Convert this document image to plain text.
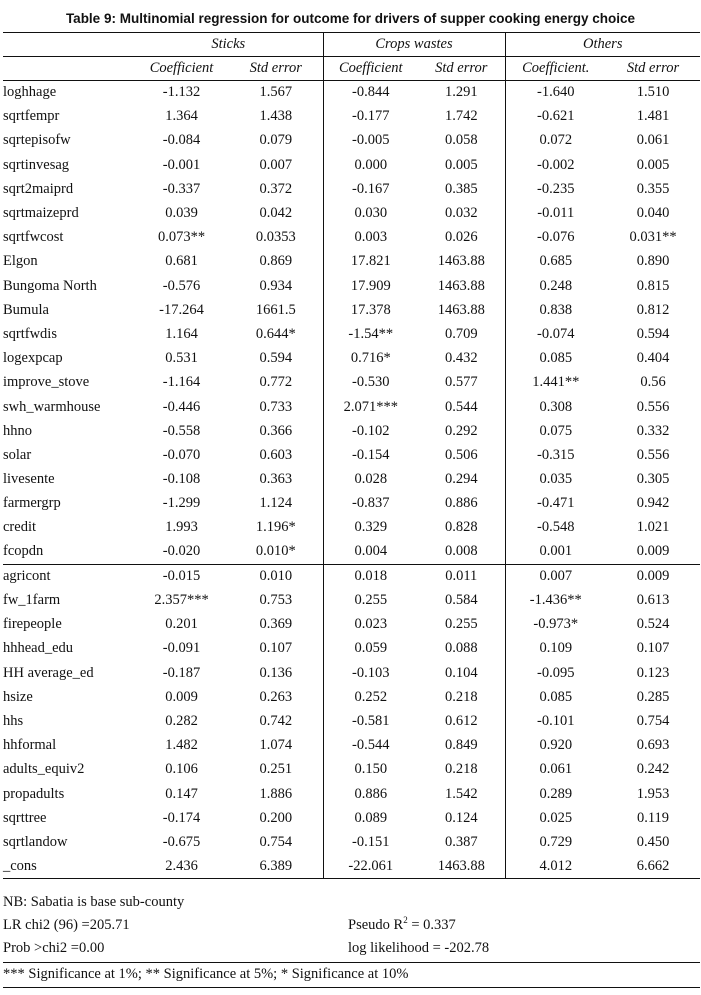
Table 9: Multinomial regression for outcome for drivers of supper cooking energy choice
	Sticks		Crops wastes		Others	
	Coefficient	Std error	Coefficient	Std error	Coefficient.	Std error
loghhage	-1.132	1.567	-0.844	1.291	-1.640	1.510
sqrtfempr	1.364	1.438	-0.177	1.742	-0.621	1.481
sqrtepisofw	-0.084	0.079	-0.005	0.058	0.072	0.061
sqrtinvesag	-0.001	0.007	0.000	0.005	-0.002	0.005
sqrt2maiprd	-0.337	0.372	-0.167	0.385	-0.235	0.355
sqrtmaizeprd	0.039	0.042	0.030	0.032	-0.011	0.040
sqrtfwcost	0.073**	0.0353	0.003	0.026	-0.076	0.031**
Elgon	0.681	0.869	17.821	1463.88	0.685	0.890
Bungoma North	-0.576	0.934	17.909	1463.88	0.248	0.815
Bumula	-17.264	1661.5	17.378	1463.88	0.838	0.812
sqrtfwdis	1.164	0.644*	-1.54**	0.709	-0.074	0.594
logexpcap	0.531	0.594	0.716*	0.432	0.085	0.404
improve_stove	-1.164	0.772	-0.530	0.577	1.441**	0.56
swh_warmhouse	-0.446	0.733	2.071***	0.544	0.308	0.556
hhno	-0.558	0.366	-0.102	0.292	0.075	0.332
solar	-0.070	0.603	-0.154	0.506	-0.315	0.556
livesente	-0.108	0.363	0.028	0.294	0.035	0.305
farmergrp	-1.299	1.124	-0.837	0.886	-0.471	0.942
credit	1.993	1.196*	0.329	0.828	-0.548	1.021
fcopdn	-0.020	0.010*	0.004	0.008	0.001	0.009
agricont	-0.015	0.010	0.018	0.011	0.007	0.009
fw_1farm	2.357***	0.753	0.255	0.584	-1.436**	0.613
firepeople	0.201	0.369	0.023	0.255	-0.973*	0.524
hhhead_edu	-0.091	0.107	0.059	0.088	0.109	0.107
HH average_ed	-0.187	0.136	-0.103	0.104	-0.095	0.123
hsize	0.009	0.263	0.252	0.218	0.085	0.285
hhs	0.282	0.742	-0.581	0.612	-0.101	0.754
hhformal	1.482	1.074	-0.544	0.849	0.920	0.693
adults_equiv2	0.106	0.251	0.150	0.218	0.061	0.242
propadults	0.147	1.886	0.886	1.542	0.289	1.953
sqrttree	-0.174	0.200	0.089	0.124	0.025	0.119
sqrtlandow	-0.675	0.754	-0.151	0.387	0.729	0.450
_cons	2.436	6.389	-22.061	1463.88	4.012	6.662
NB: Sabatia is base sub-county
LR chi2 (96) =205.71	Pseudo $R^2 = 0.337$
Prob >chi2 =0.00	log likelihood = -202.78
*** Significance at 1%; ** Significance at 5%; * Significance at 10%
